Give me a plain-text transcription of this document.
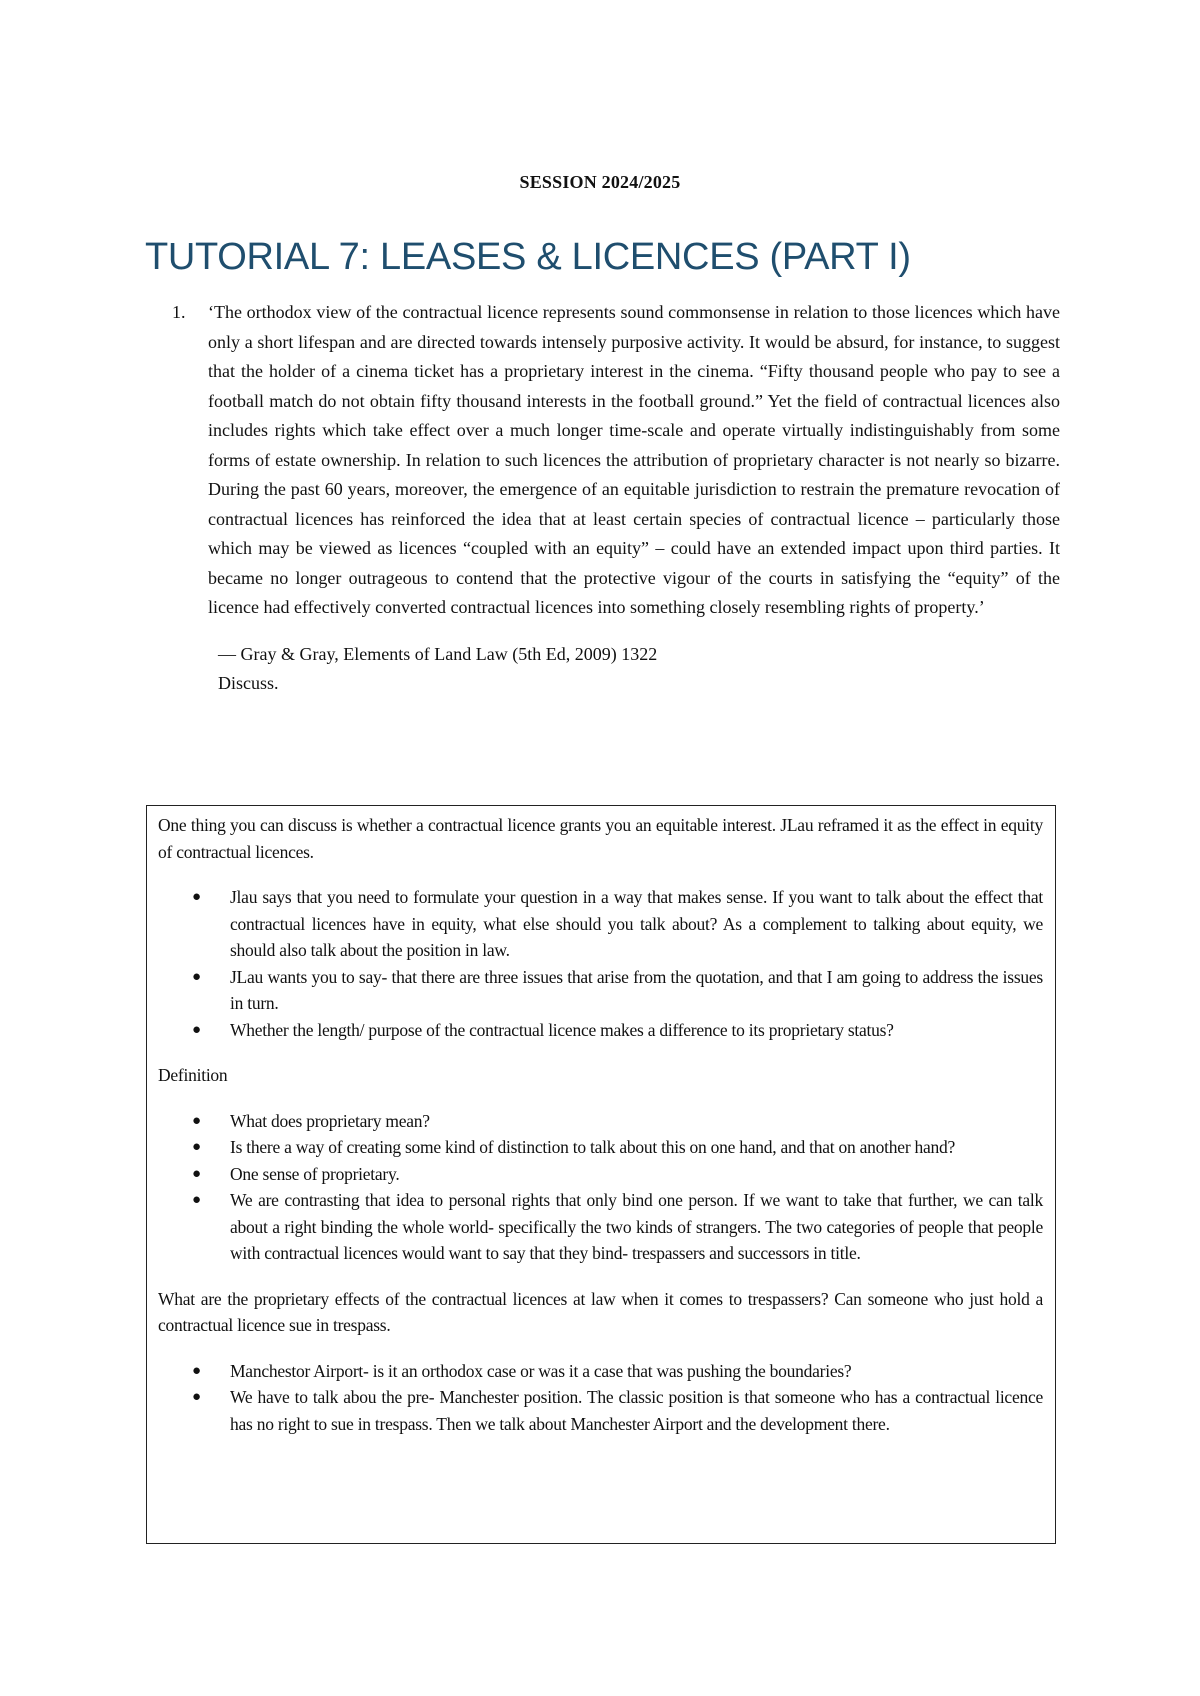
SESSION 2024/2025
TUTORIAL 7: LEASES & LICENCES (PART I)
1. ‘The orthodox view of the contractual licence represents sound commonsense in relation to those licences which have only a short lifespan and are directed towards intensely purposive activity. It would be absurd, for instance, to suggest that the holder of a cinema ticket has a proprietary interest in the cinema. “Fifty thousand people who pay to see a football match do not obtain fifty thousand interests in the football ground.” Yet the field of contractual licences also includes rights which take effect over a much longer time-scale and operate virtually indistinguishably from some forms of estate ownership. In relation to such licences the attribution of proprietary character is not nearly so bizarre. During the past 60 years, moreover, the emergence of an equitable jurisdiction to restrain the premature revocation of contractual licences has reinforced the idea that at least certain species of contractual licence – particularly those which may be viewed as licences “coupled with an equity” – could have an extended impact upon third parties. It became no longer outrageous to contend that the protective vigour of the courts in satisfying the “equity” of the licence had effectively converted contractual licences into something closely resembling rights of property.’
— Gray & Gray, Elements of Land Law (5th Ed, 2009) 1322
Discuss.

One thing you can discuss is whether a contractual licence grants you an equitable interest. JLau reframed it as the effect in equity of contractual licences.

● Jlau says that you need to formulate your question in a way that makes sense. If you want to talk about the effect that contractual licences have in equity, what else should you talk about? As a complement to talking about equity, we should also talk about the position in law.
● JLau wants you to say- that there are three issues that arise from the quotation, and that I am going to address the issues in turn.
● Whether the length/ purpose of the contractual licence makes a difference to its proprietary status?

Definition

● What does proprietary mean?
● Is there a way of creating some kind of distinction to talk about this on one hand, and that on another hand?
● One sense of proprietary.
● We are contrasting that idea to personal rights that only bind one person. If we want to take that further, we can talk about a right binding the whole world- specifically the two kinds of strangers. The two categories of people that people with contractual licences would want to say that they bind- trespassers and successors in title.

What are the proprietary effects of the contractual licences at law when it comes to trespassers? Can someone who just hold a contractual licence sue in trespass.

● Manchestor Airport- is it an orthodox case or was it a case that was pushing the boundaries?
● We have to talk abou the pre- Manchester position. The classic position is that someone who has a contractual licence has no right to sue in trespass. Then we talk about Manchester Airport and the development there.
